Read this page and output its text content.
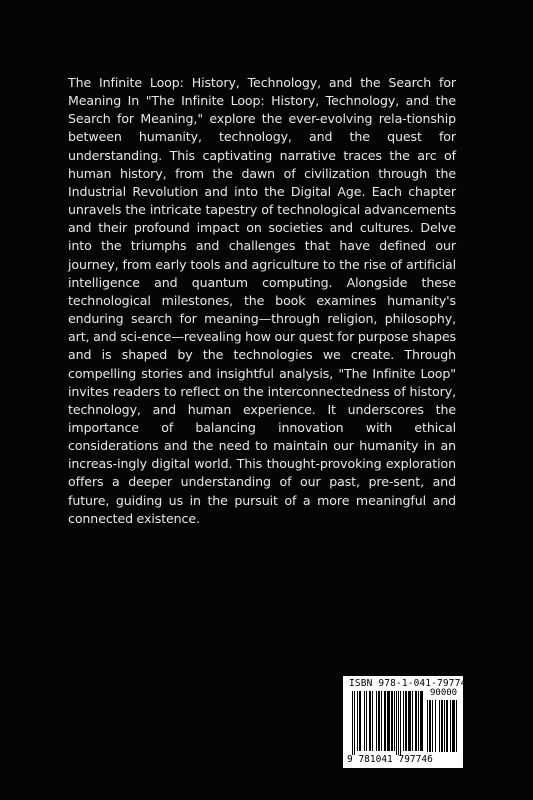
The Infinite Loop: History, Technology, and the Search for Meaning In "The Infinite Loop: History, Technology, and the Search for Meaning," explore the ever-evolving rela-tionship between humanity, technology, and the quest for understanding. This captivating narrative traces the arc of human history, from the dawn of civilization through the Industrial Revolution and into the Digital Age. Each chapter unravels the intricate tapestry of technological advancements and their profound impact on societies and cultures. Delve into the triumphs and challenges that have defined our journey, from early tools and agriculture to the rise of artificial intelligence and quantum computing. Alongside these technological milestones, the book examines humanity's enduring search for meaning—through religion, philosophy, art, and sci-ence—revealing how our quest for purpose shapes and is shaped by the technologies we create. Through compelling stories and insightful analysis, "The Infinite Loop" invites readers to reflect on the interconnectedness of history, technology, and human experience. It underscores the importance of balancing innovation with ethical considerations and the need to maintain our humanity in an increas-ingly digital world. This thought-provoking exploration offers a deeper understanding of our past, pre-sent, and future, guiding us in the pursuit of a more meaningful and connected existence.

ISBN 978-1-041-79774-6
90000
9 781041 797746
